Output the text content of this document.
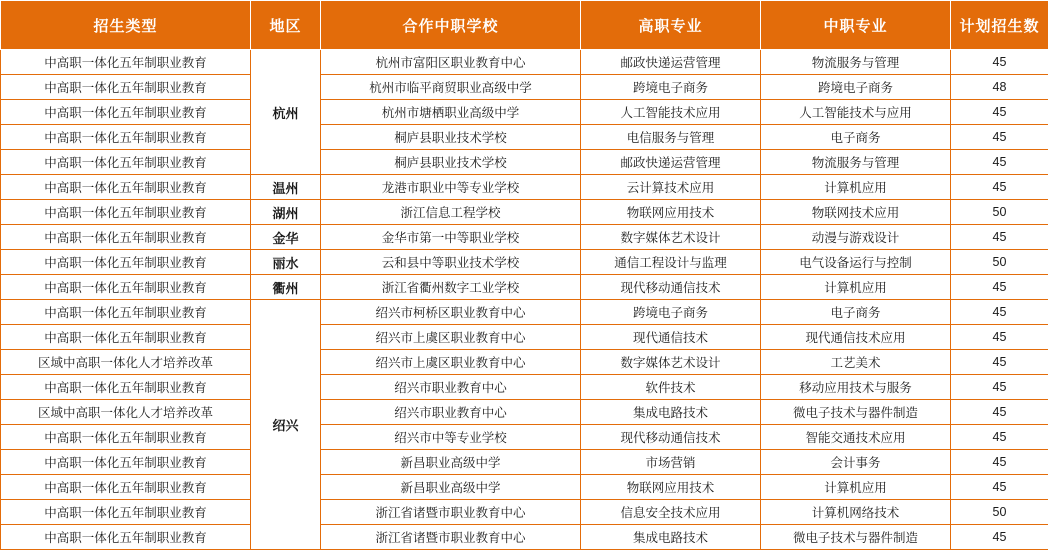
招生类型	地区	合作中职学校	高职专业	中职专业	计划招生数
中高职一体化五年制职业教育	杭州	杭州市富阳区职业教育中心	邮政快递运营管理	物流服务与管理	45
中高职一体化五年制职业教育		杭州市临平商贸职业高级中学	跨境电子商务	跨境电子商务	48
中高职一体化五年制职业教育		杭州市塘栖职业高级中学	人工智能技术应用	人工智能技术与应用	45
中高职一体化五年制职业教育		桐庐县职业技术学校	电信服务与管理	电子商务	45
中高职一体化五年制职业教育		桐庐县职业技术学校	邮政快递运营管理	物流服务与管理	45
中高职一体化五年制职业教育	温州	龙港市职业中等专业学校	云计算技术应用	计算机应用	45
中高职一体化五年制职业教育	湖州	浙江信息工程学校	物联网应用技术	物联网技术应用	50
中高职一体化五年制职业教育	金华	金华市第一中等职业学校	数字媒体艺术设计	动漫与游戏设计	45
中高职一体化五年制职业教育	丽水	云和县中等职业技术学校	通信工程设计与监理	电气设备运行与控制	50
中高职一体化五年制职业教育	衢州	浙江省衢州数字工业学校	现代移动通信技术	计算机应用	45
中高职一体化五年制职业教育	绍兴	绍兴市柯桥区职业教育中心	跨境电子商务	电子商务	45
中高职一体化五年制职业教育		绍兴市上虞区职业教育中心	现代通信技术	现代通信技术应用	45
区域中高职一体化人才培养改革		绍兴市上虞区职业教育中心	数字媒体艺术设计	工艺美术	45
中高职一体化五年制职业教育		绍兴市职业教育中心	软件技术	移动应用技术与服务	45
区域中高职一体化人才培养改革		绍兴市职业教育中心	集成电路技术	微电子技术与器件制造	45
中高职一体化五年制职业教育		绍兴市中等专业学校	现代移动通信技术	智能交通技术应用	45
中高职一体化五年制职业教育		新昌职业高级中学	市场营销	会计事务	45
中高职一体化五年制职业教育		新昌职业高级中学	物联网应用技术	计算机应用	45
中高职一体化五年制职业教育		浙江省诸暨市职业教育中心	信息安全技术应用	计算机网络技术	50
中高职一体化五年制职业教育		浙江省诸暨市职业教育中心	集成电路技术	微电子技术与器件制造	45
